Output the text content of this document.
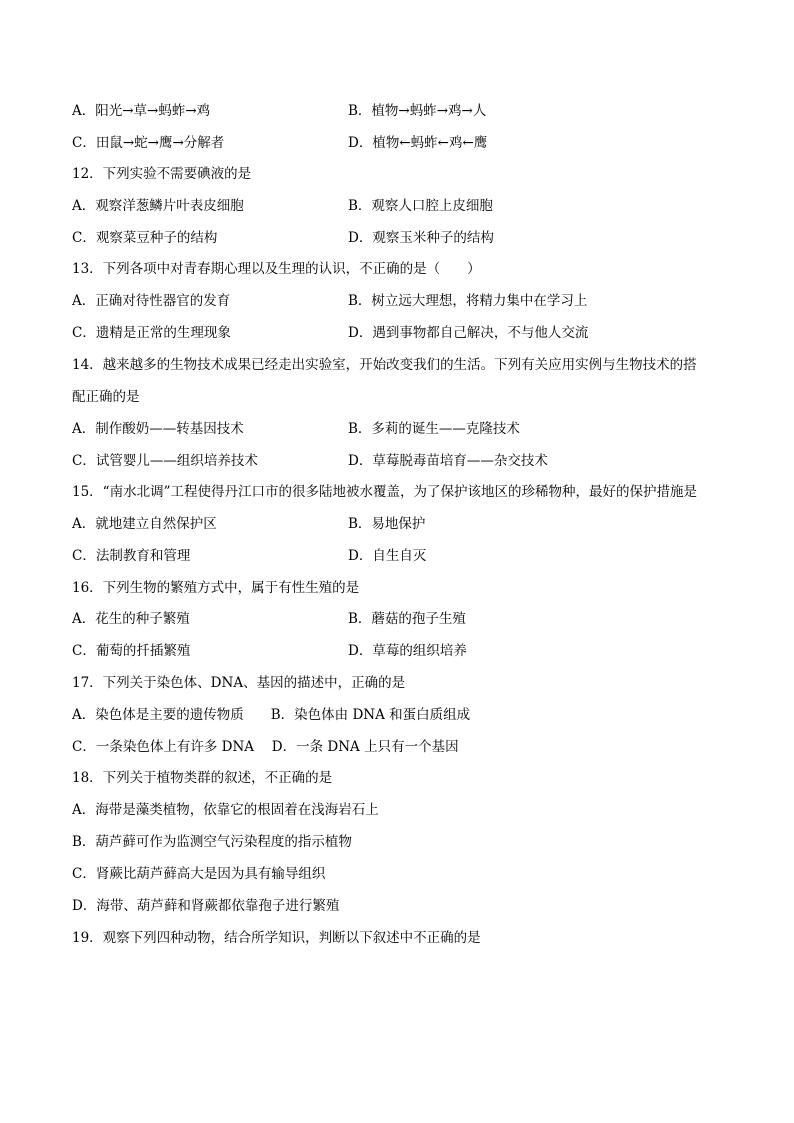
A．阳光→草→蚂蚱→鸡	B．植物→蚂蚱→鸡→人
C．田鼠→蛇→鹰→分解者	D．植物←蚂蚱←鸡←鹰
12．下列实验不需要碘液的是
A．观察洋葱鳞片叶表皮细胞	B．观察人口腔上皮细胞
C．观察菜豆种子的结构	D．观察玉米种子的结构
13．下列各项中对青春期心理以及生理的认识，不正确的是（　　）
A．正确对待性器官的发育	B．树立远大理想，将精力集中在学习上
C．遗精是正常的生理现象	D．遇到事物都自己解决，不与他人交流
14．越来越多的生物技术成果已经走出实验室，开始改变我们的生活。下列有关应用实例与生物技术的搭
配正确的是
A．制作酸奶——转基因技术	B．多莉的诞生——克隆技术
C．试管婴儿——组织培养技术	D．草莓脱毒苗培育——杂交技术
15．“南水北调”工程使得丹江口市的很多陆地被水覆盖，为了保护该地区的珍稀物种，最好的保护措施是
A．就地建立自然保护区	B．易地保护
C．法制教育和管理	D．自生自灭
16．下列生物的繁殖方式中，属于有性生殖的是
A．花生的种子繁殖	B．蘑菇的孢子生殖
C．葡萄的扦插繁殖	D．草莓的组织培养
17．下列关于染色体、DNA、基因的描述中，正确的是
A．染色体是主要的遗传物质　　B．染色体由 DNA 和蛋白质组成
C．一条染色体上有许多 DNA　 D．一条 DNA 上只有一个基因
18．下列关于植物类群的叙述，不正确的是
A．海带是藻类植物，依靠它的根固着在浅海岩石上
B．葫芦藓可作为监测空气污染程度的指示植物
C．肾蕨比葫芦藓高大是因为具有输导组织
D．海带、葫芦藓和肾蕨都依靠孢子进行繁殖
19．观察下列四种动物，结合所学知识，判断以下叙述中不正确的是
